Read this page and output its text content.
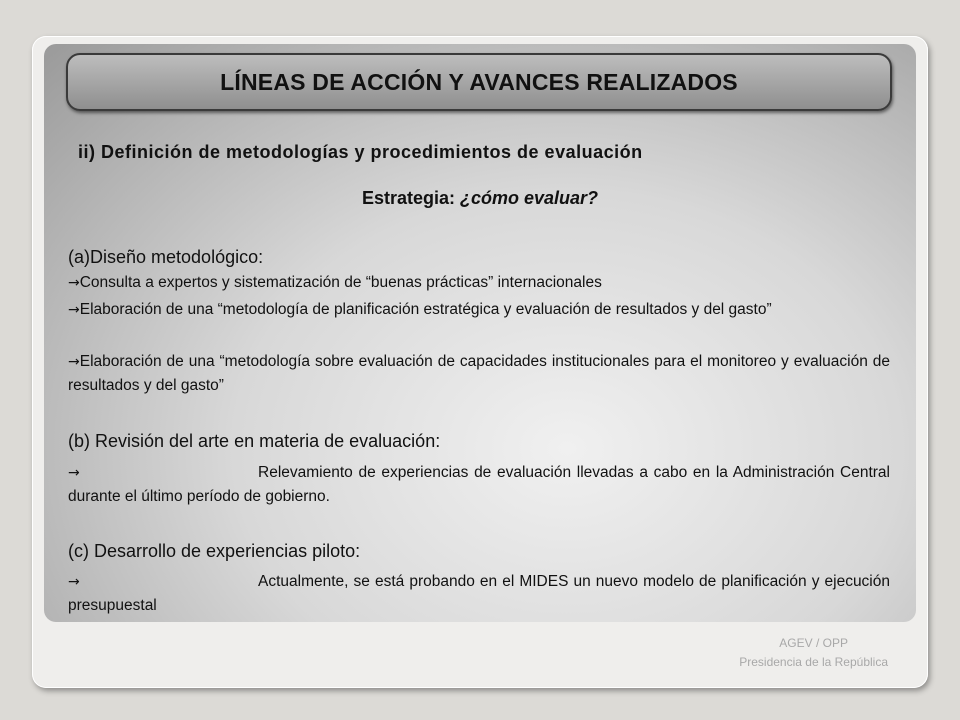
LÍNEAS DE ACCIÓN Y AVANCES REALIZADOS
ii) Definición de metodologías y procedimientos de evaluación
Estrategia: ¿cómo evaluar?
(a)Diseño metodológico:
→Consulta a expertos y sistematización de “buenas prácticas” internacionales
→Elaboración de una “metodología de planificación estratégica y evaluación de resultados y del gasto”
→Elaboración de una “metodología sobre evaluación de capacidades institucionales para el monitoreo y evaluación de resultados y del gasto”
(b) Revisión del arte en materia de evaluación:
→	Relevamiento de experiencias de evaluación llevadas a cabo en la Administración Central durante el último período de gobierno.
(c) Desarrollo de experiencias piloto:
→	Actualmente, se está probando en el MIDES un nuevo modelo de planificación y ejecución presupuestal
AGEV / OPP
Presidencia de la República
